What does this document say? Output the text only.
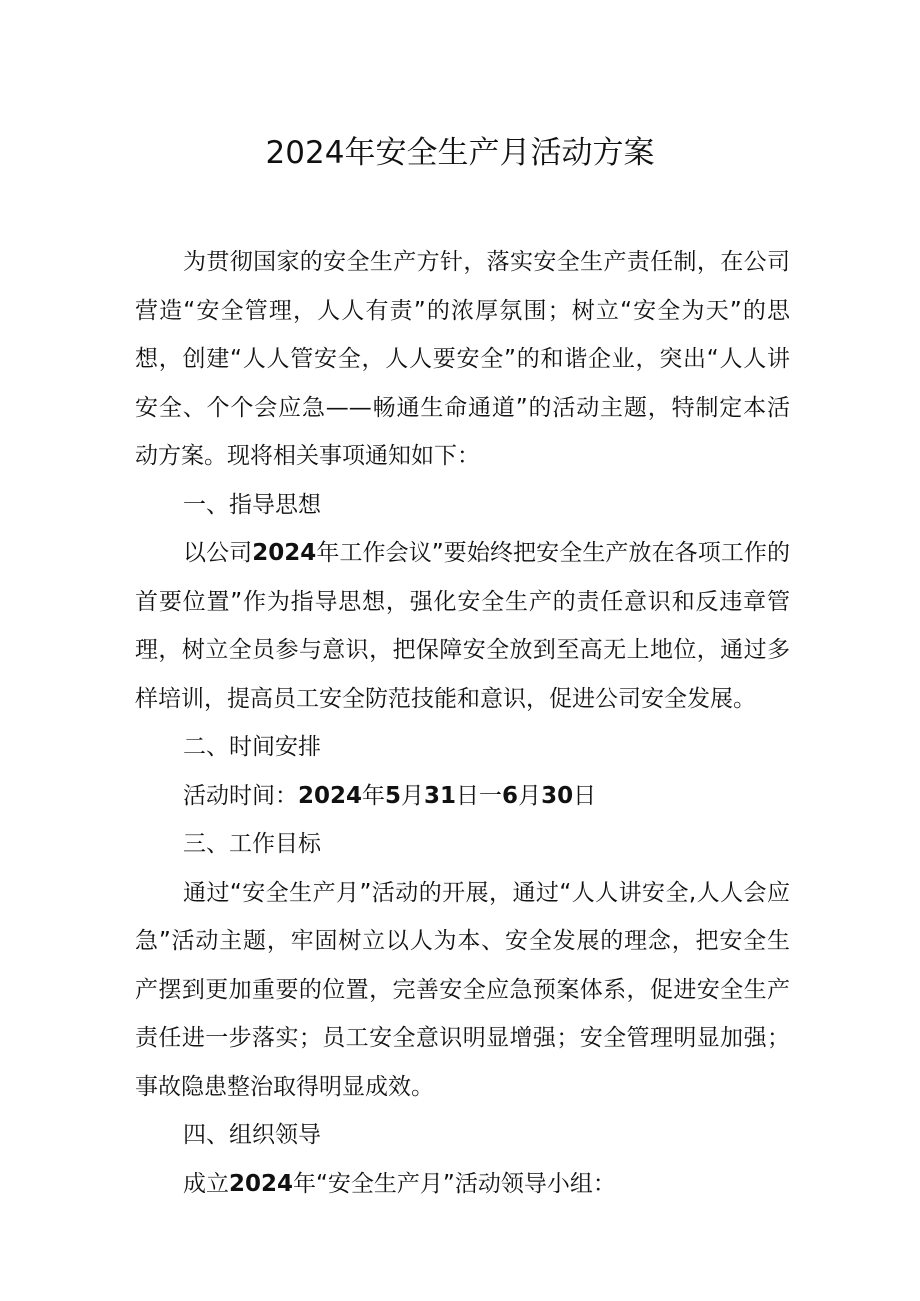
2024年安全生产月活动方案

为贯彻国家的安全生产方针，落实安全生产责任制，在公司营造“安全管理，人人有责”的浓厚氛围；树立“安全为天”的思想，创建“人人管安全，人人要安全”的和谐企业，突出“人人讲安全、个个会应急——畅通生命通道”的活动主题，特制定本活动方案。现将相关事项通知如下：

一、指导思想

以公司2024年工作会议”要始终把安全生产放在各项工作的首要位置”作为指导思想，强化安全生产的责任意识和反违章管理，树立全员参与意识，把保障安全放到至高无上地位，通过多样培训，提高员工安全防范技能和意识，促进公司安全发展。

二、时间安排

活动时间：2024年5月31日一6月30日

三、工作目标

通过“安全生产月”活动的开展，通过“人人讲安全,人人会应急”活动主题，牢固树立以人为本、安全发展的理念，把安全生产摆到更加重要的位置，完善安全应急预案体系，促进安全生产责任进一步落实；员工安全意识明显增强；安全管理明显加强；事故隐患整治取得明显成效。

四、组织领导

成立2024年“安全生产月”活动领导小组：
